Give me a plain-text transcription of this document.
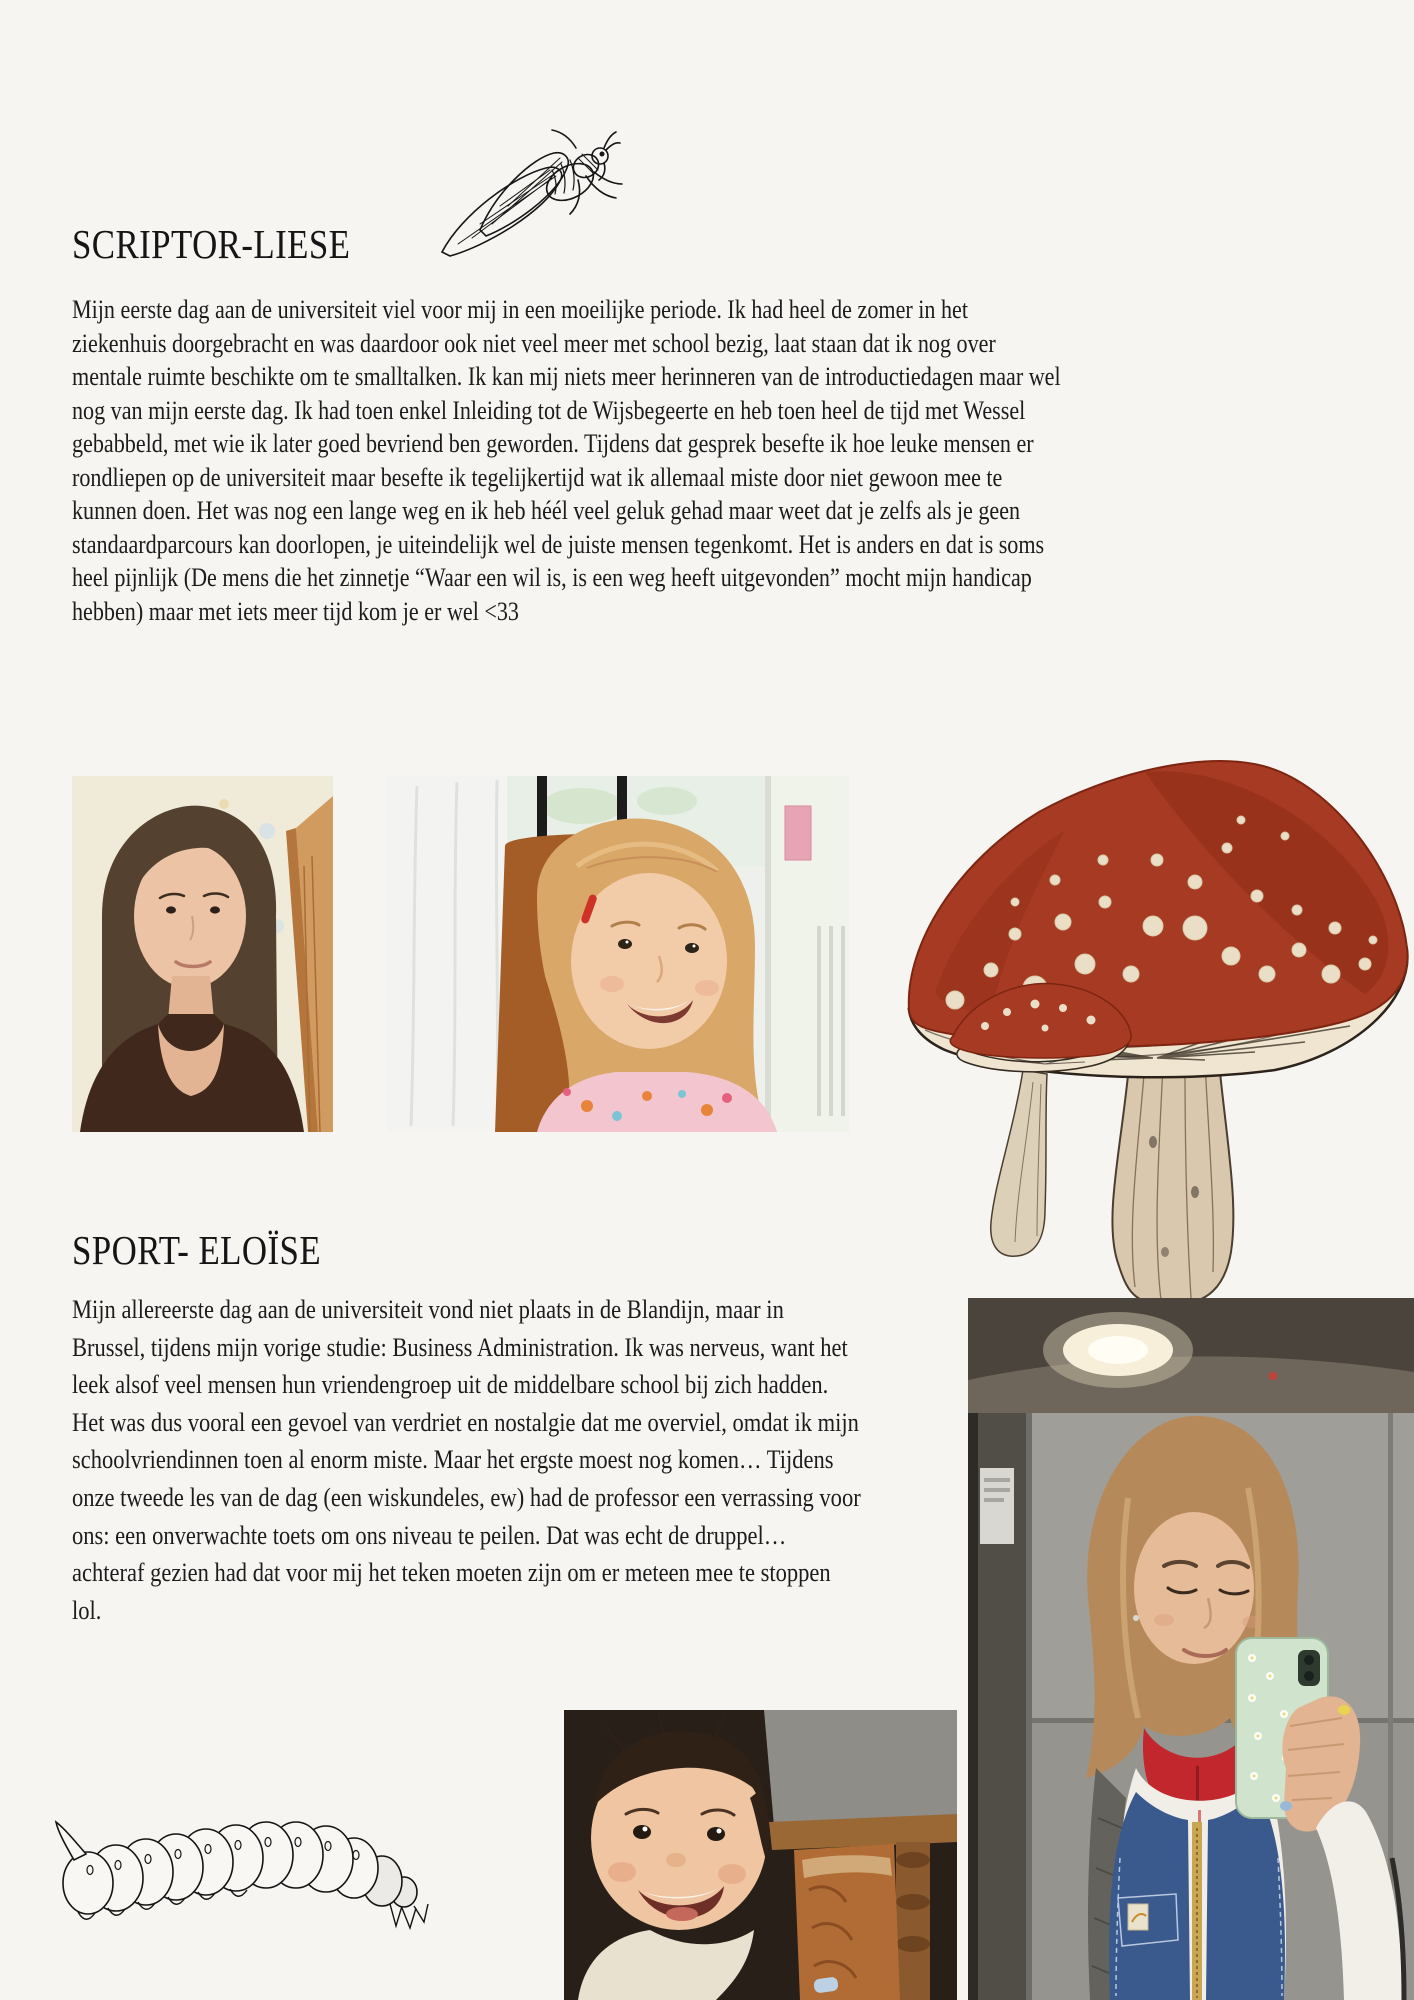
SCRIPTOR-LIESE

Mijn eerste dag aan de universiteit viel voor mij in een moeilijke periode. Ik had heel de zomer in het ziekenhuis doorgebracht en was daardoor ook niet veel meer met school bezig, laat staan dat ik nog over mentale ruimte beschikte om te smalltalken. Ik kan mij niets meer herinneren van de introductiedagen maar wel nog van mijn eerste dag. Ik had toen enkel Inleiding tot de Wijsbegeerte en heb toen heel de tijd met Wessel gebabbeld, met wie ik later goed bevriend ben geworden. Tijdens dat gesprek besefte ik hoe leuke mensen er rondliepen op de universiteit maar besefte ik tegelijkertijd wat ik allemaal miste door niet gewoon mee te kunnen doen. Het was nog een lange weg en ik heb héél veel geluk gehad maar weet dat je zelfs als je geen standaardparcours kan doorlopen, je uiteindelijk wel de juiste mensen tegenkomt. Het is anders en dat is soms heel pijnlijk (De mens die het zinnetje “Waar een wil is, is een weg heeft uitgevonden” mocht mijn handicap hebben) maar met iets meer tijd kom je er wel <33

SPORT- ELOÏSE

Mijn allereerste dag aan de universiteit vond niet plaats in de Blandijn, maar in Brussel, tijdens mijn vorige studie: Business Administration. Ik was nerveus, want het leek alsof veel mensen hun vriendengroep uit de middelbare school bij zich hadden. Het was dus vooral een gevoel van verdriet en nostalgie dat me overviel, omdat ik mijn schoolvriendinnen toen al enorm miste. Maar het ergste moest nog komen… Tijdens onze tweede les van de dag (een wiskundeles, ew) had de professor een verrassing voor ons: een onverwachte toets om ons niveau te peilen. Dat was echt de druppel… achteraf gezien had dat voor mij het teken moeten zijn om er meteen mee te stoppen lol.
